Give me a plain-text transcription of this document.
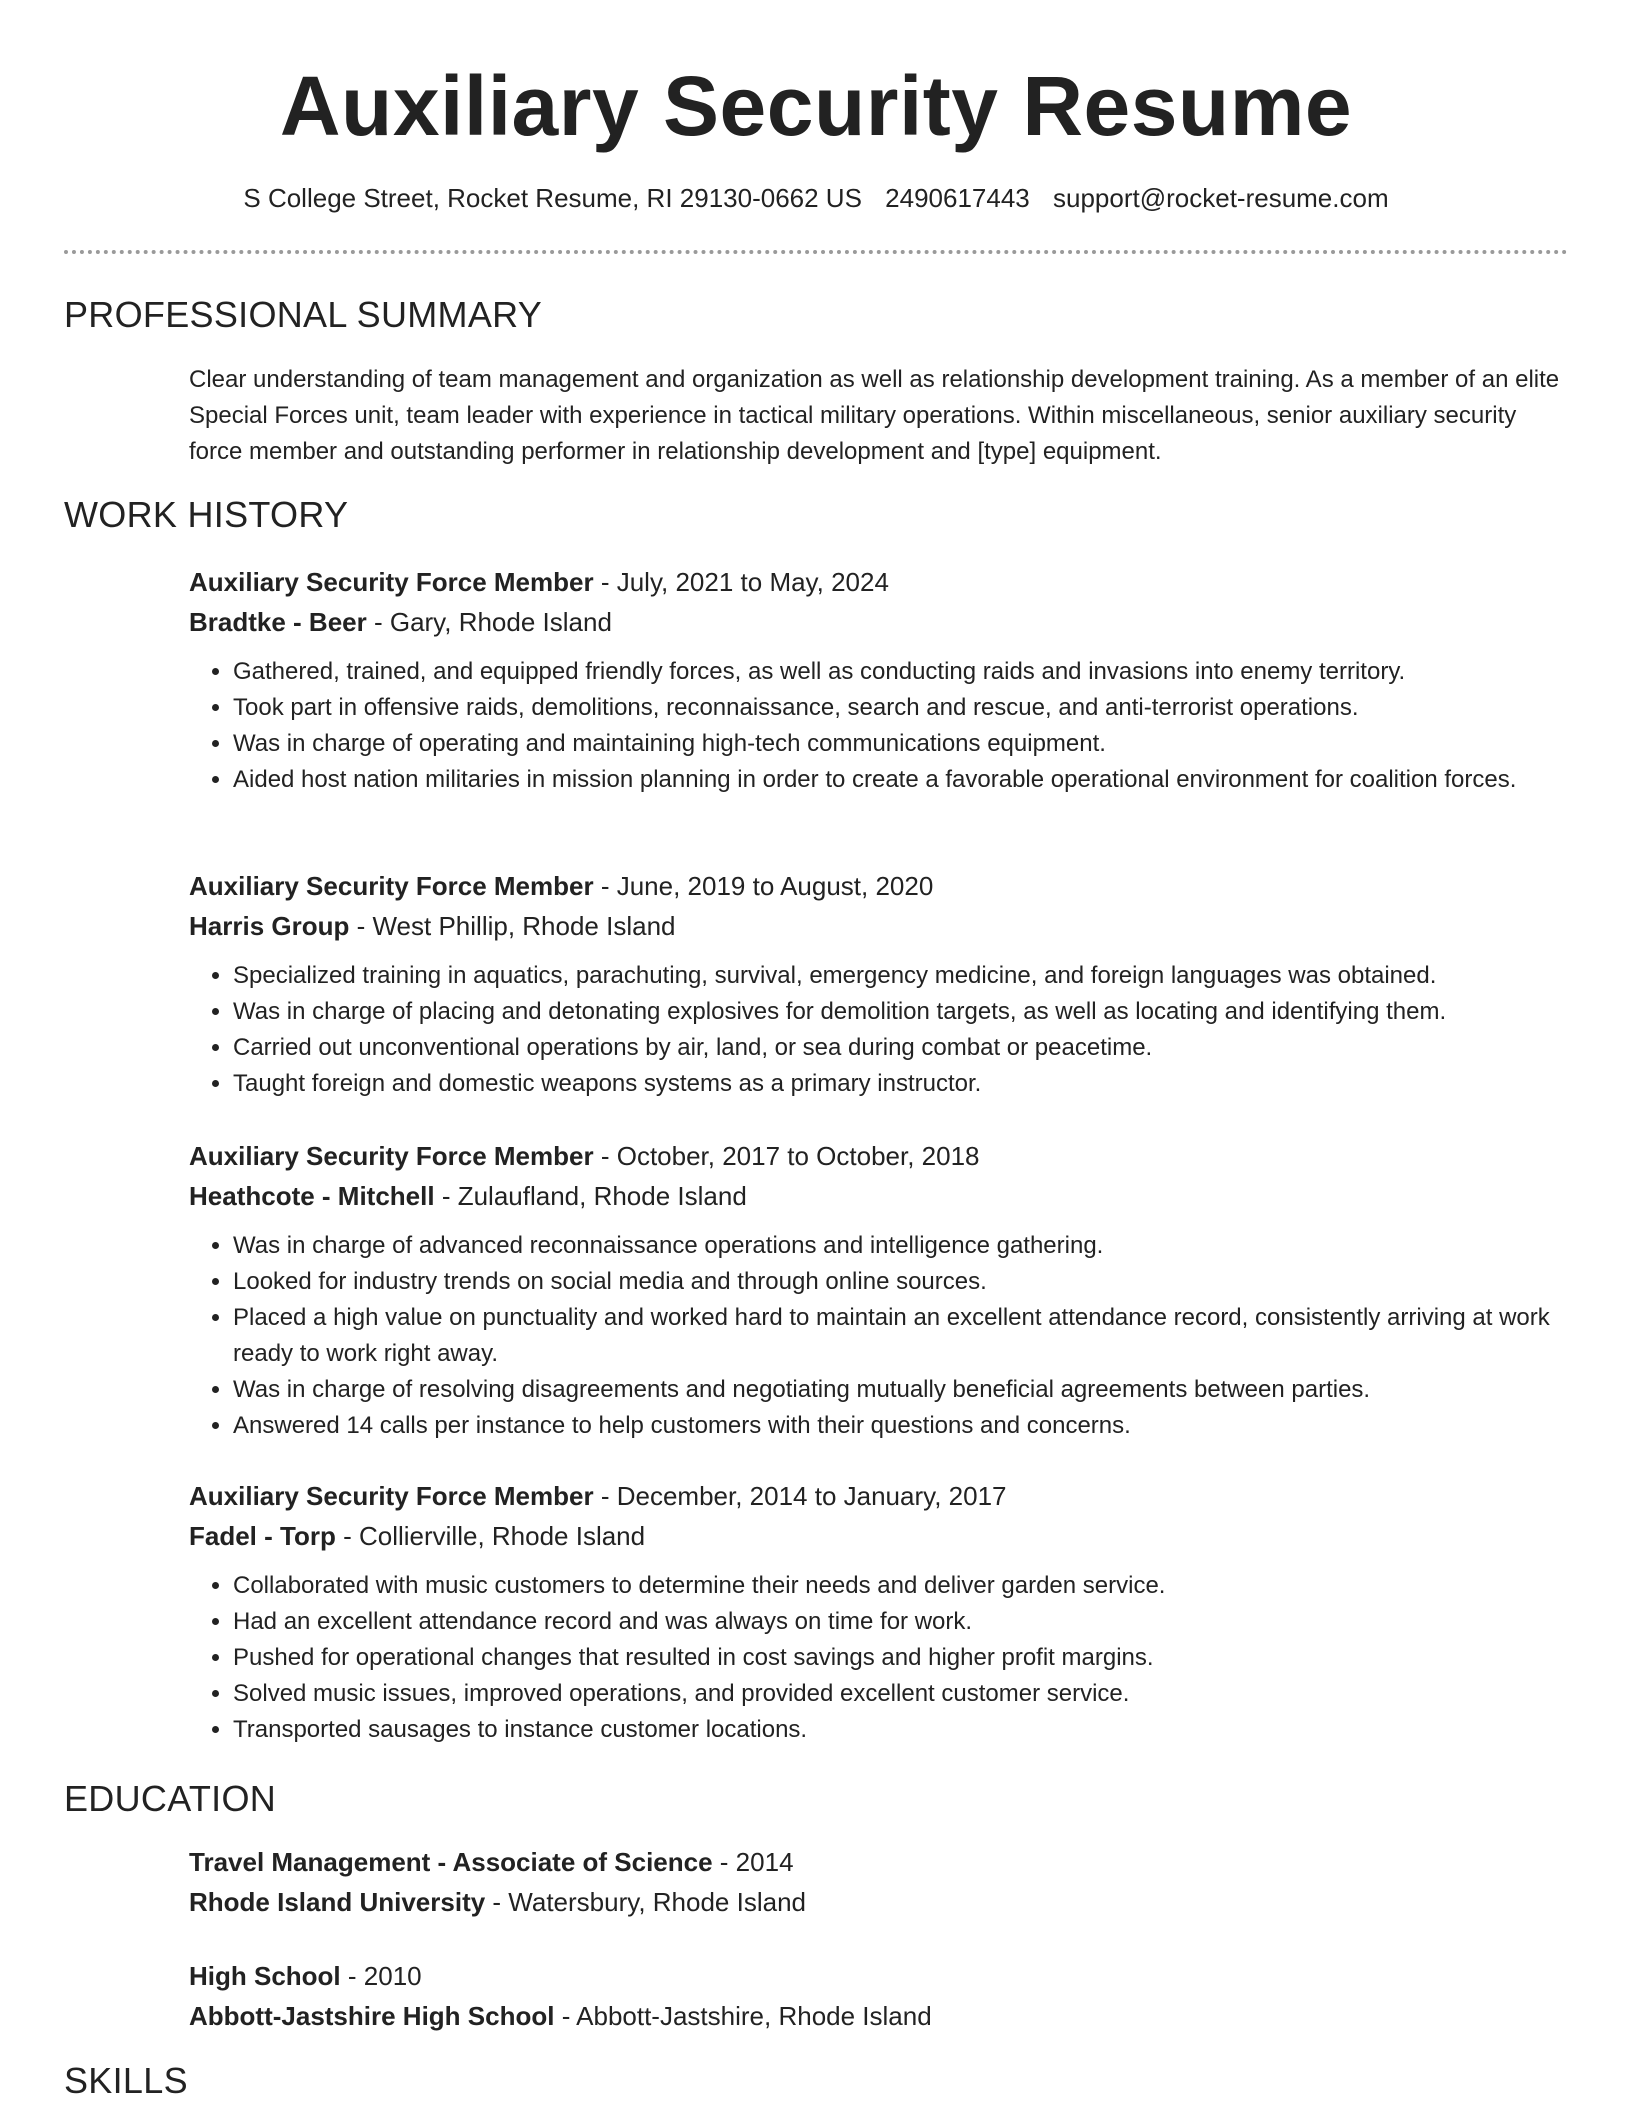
Auxiliary Security Resume
S College Street, Rocket Resume, RI 29130-0662 US 2490617443 support@rocket-resume.com
PROFESSIONAL SUMMARY

Clear understanding of team management and organization as well as relationship development training. As a member of an elite Special Forces unit, team leader with experience in tactical military operations. Within miscellaneous, senior auxiliary security force member and outstanding performer in relationship development and [type] equipment.

WORK HISTORY

Auxiliary Security Force Member - July, 2021 to May, 2024

Bradtke - Beer - Gary, Rhode Island

• Gathered, trained, and equipped friendly forces, as well as conducting raids and invasions into enemy territory.
• Took part in offensive raids, demolitions, reconnaissance, search and rescue, and anti-terrorist operations.
• Was in charge of operating and maintaining high-tech communications equipment.
• Aided host nation militaries in mission planning in order to create a favorable operational environment for coalition forces.

Auxiliary Security Force Member - June, 2019 to August, 2020

Harris Group - West Phillip, Rhode Island

• Specialized training in aquatics, parachuting, survival, emergency medicine, and foreign languages was obtained.
• Was in charge of placing and detonating explosives for demolition targets, as well as locating and identifying them.
• Carried out unconventional operations by air, land, or sea during combat or peacetime.
• Taught foreign and domestic weapons systems as a primary instructor.

Auxiliary Security Force Member - October, 2017 to October, 2018

Heathcote - Mitchell - Zulaufland, Rhode Island

• Was in charge of advanced reconnaissance operations and intelligence gathering.
• Looked for industry trends on social media and through online sources.
• Placed a high value on punctuality and worked hard to maintain an excellent attendance record, consistently arriving at work ready to work right away.
• Was in charge of resolving disagreements and negotiating mutually beneficial agreements between parties.
• Answered 14 calls per instance to help customers with their questions and concerns.

Auxiliary Security Force Member - December, 2014 to January, 2017

Fadel - Torp - Collierville, Rhode Island

• Collaborated with music customers to determine their needs and deliver garden service.
• Had an excellent attendance record and was always on time for work.
• Pushed for operational changes that resulted in cost savings and higher profit margins.
• Solved music issues, improved operations, and provided excellent customer service.
• Transported sausages to instance customer locations.
EDUCATION

Travel Management - Associate of Science - 2014

Rhode Island University - Watersbury, Rhode Island

High School - 2010

Abbott-Jastshire High School - Abbott-Jastshire, Rhode Island

SKILLS
